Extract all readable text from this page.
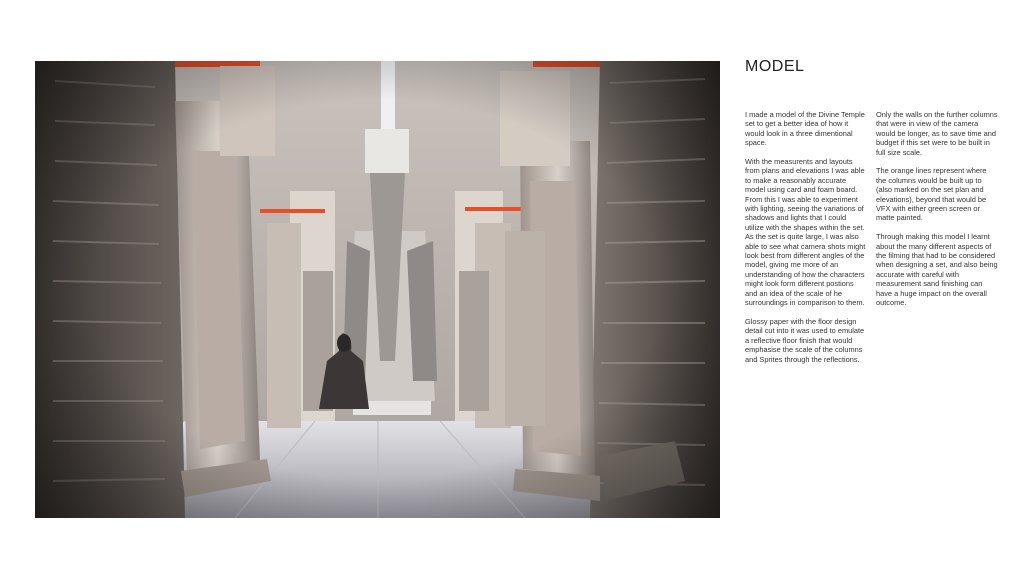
MODEL

I made a model of the Divine Temple set to get a better idea of how it would look in a three dimentional space.

With the measurents and layouts from plans and elevations I was able to make a reasonably accurate model using card and foam board.
From this I was able to experiment with lighting, seeing the variations of shadows and lights that I could utilize with the shapes within the set.
As the set is quite large, I was also able to see what camera shots might look best from different angles of the model, giving me more of an understanding of how the characters might look form different postions and an idea of the scale of he surroundings in comparison to them.

Glossy paper with the floor design detail cut into it was used to emulate a reflective floor finish that would emphasise the scale of the columns and Sprites through the reflections.

Only the walls on the further columns that were in view of the camera would be longer, as to save time and budget if this set were to be built in full size scale.

The orange lines represent where the columns would be built up to (also marked on the set plan and elevations), beyond that would be VFX with either green screen or matte painted.

Through making this model I learnt about the many different aspects of the filming that had to be considered when designing a set, and also being accurate with careful with measurement sand finishing can have a huge impact on the overall outcome.
